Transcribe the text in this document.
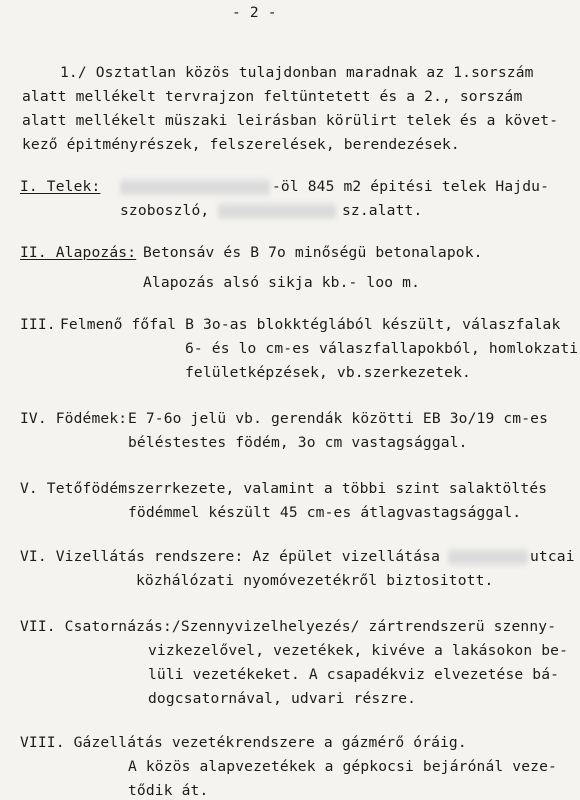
- 2 -
1./ Osztatlan közös tulajdonban maradnak az 1.sorszám
alatt mellékelt tervrajzon feltüntetett és a 2., sorszám
alatt mellékelt müszaki leirásban körülirt telek és a követ-
kező épitményrészek, felszerelések, berendezések.
I. Telek:	-öl 845 m2 épitési telek Hajdu-
szoboszló,	sz.alatt.
II. Alapozás: Betonsáv és B 7o minőségü betonalapok.
Alapozás alsó sikja kb.- loo m.
III. Felmenő főfal B 3o-as blokktéglából készült, válaszfalak
6- és lo cm-es válaszfallapokból, homlokzati
felületképzések, vb.szerkezetek.
IV. Födémek: E 7-6o jelü vb. gerendák közötti EB 3o/19 cm-es
béléstestes födém, 3o cm vastagsággal.
V. Tetőfödémszerrkezete, valamint a többi szint salaktöltés
födémmel készült 45 cm-es átlagvastagsággal.
VI. Vizellátás rendszere: Az épület vizellátása	utcai
közhálózati nyomóvezetékről biztositott.
VII. Csatornázás:/Szennyvizelhelyezés/ zártrendszerü szenny-
vizkezelővel, vezetékek, kivéve a lakásokon be-
lüli vezetékeket. A csapadékviz elvezetése bá-
dogcsatornával, udvari részre.
VIII. Gázellátás vezetékrendszere a gázmérő óráig.
A közös alapvezetékek a gépkocsi bejárónál veze-
tődik át.
